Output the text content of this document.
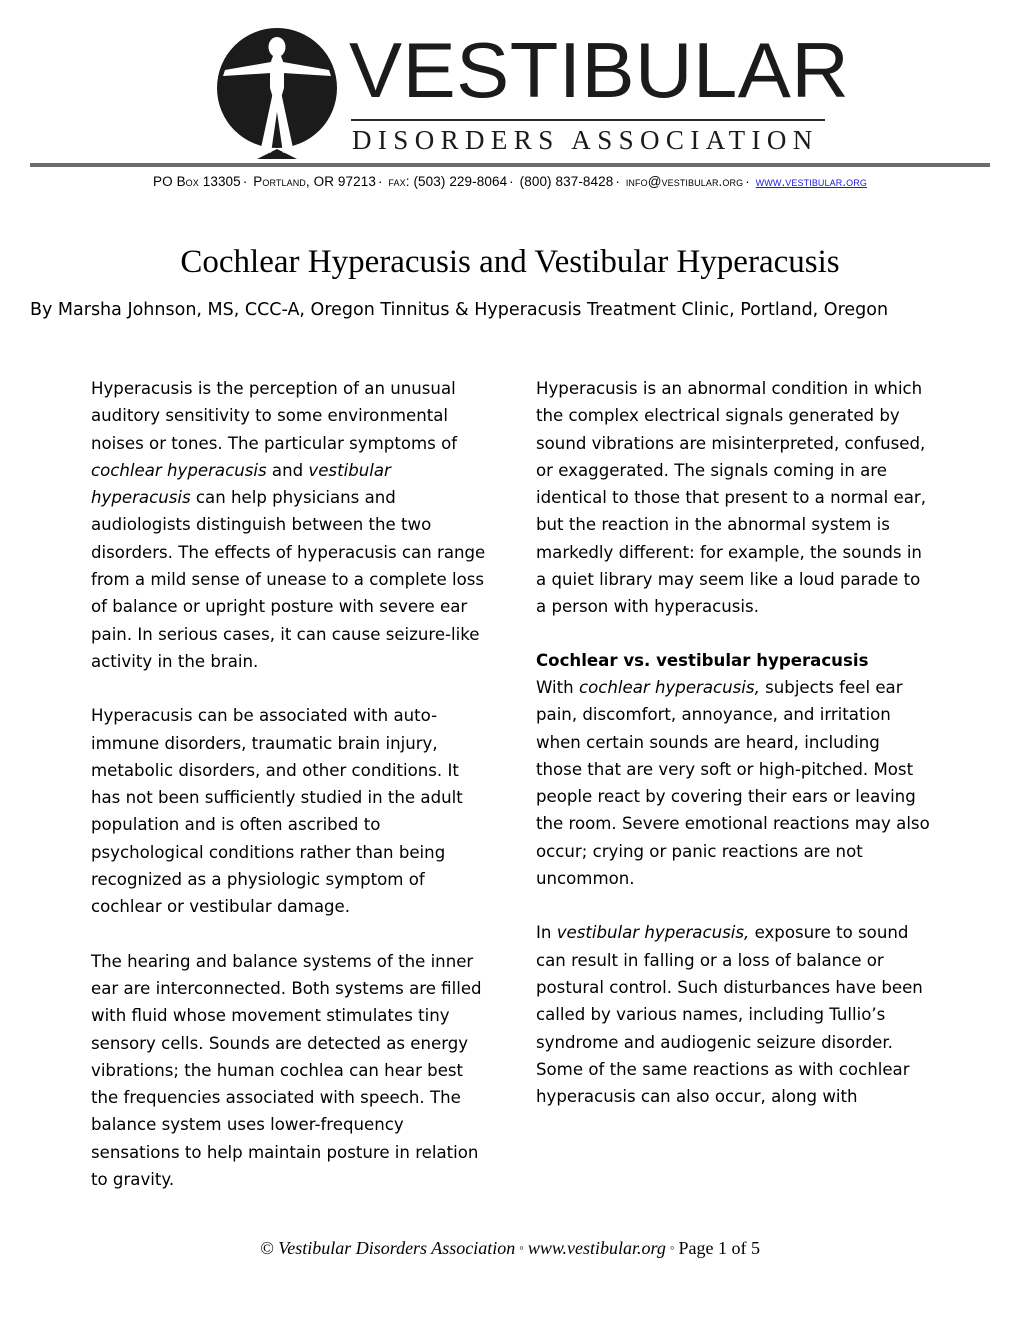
VESTIBULAR
DISORDERS ASSOCIATION
PO Box 13305 · Portland, OR 97213 · fax: (503) 229-8064 · (800) 837-8428 · info@vestibular.org · www.vestibular.org
Cochlear Hyperacusis and Vestibular Hyperacusis
By Marsha Johnson, MS, CCC-A, Oregon Tinnitus & Hyperacusis Treatment Clinic, Portland, Oregon

Hyperacusis is the perception of an unusual auditory sensitivity to some environmental noises or tones. The particular symptoms of cochlear hyperacusis and vestibular hyperacusis can help physicians and audiologists distinguish between the two disorders. The effects of hyperacusis can range from a mild sense of unease to a complete loss of balance or upright posture with severe ear pain. In serious cases, it can cause seizure-like activity in the brain.

Hyperacusis can be associated with auto-immune disorders, traumatic brain injury, metabolic disorders, and other conditions. It has not been sufficiently studied in the adult population and is often ascribed to psychological conditions rather than being recognized as a physiologic symptom of cochlear or vestibular damage.

The hearing and balance systems of the inner ear are interconnected. Both systems are filled with fluid whose movement stimulates tiny sensory cells. Sounds are detected as energy vibrations; the human cochlea can hear best the frequencies associated with speech. The balance system uses lower-frequency sensations to help maintain posture in relation to gravity.

Hyperacusis is an abnormal condition in which the complex electrical signals generated by sound vibrations are misinterpreted, confused, or exaggerated. The signals coming in are identical to those that present to a normal ear, but the reaction in the abnormal system is markedly different: for example, the sounds in a quiet library may seem like a loud parade to a person with hyperacusis.

Cochlear vs. vestibular hyperacusis

With cochlear hyperacusis, subjects feel ear pain, discomfort, annoyance, and irritation when certain sounds are heard, including those that are very soft or high-pitched. Most people react by covering their ears or leaving the room. Severe emotional reactions may also occur; crying or panic reactions are not uncommon.

In vestibular hyperacusis, exposure to sound can result in falling or a loss of balance or postural control. Such disturbances have been called by various names, including Tullio’s syndrome and audiogenic seizure disorder. Some of the same reactions as with cochlear hyperacusis can also occur, along with

© Vestibular Disorders Association ◦ www.vestibular.org ◦ Page 1 of 5
